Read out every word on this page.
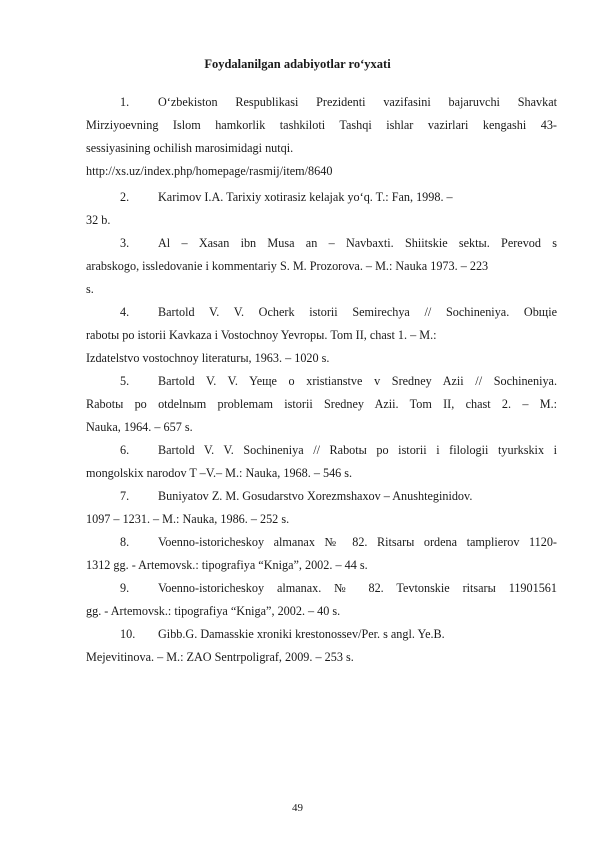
Foydalanilgan adabiyotlar ro‘yxati
1. O‘zbekiston Respublikasi Prezidenti vazifasini bajaruvchi Shavkat
Mirziyoevning Islom hamkorlik tashkiloti Tashqi ishlar vazirlari kengashi 43-
sessiyasining ochilish marosimidagi nutqi.
http://xs.uz/index.php/homepage/rasmij/item/8640
2. Karimov I.A. Tarixiy xotirasiz kelajak yo‘q. T.: Fan, 1998. –
32 b.
3. Al – Xasan ibn Musa an – Navbaxti. Shiitskie sektы. Perevod s
arabskogo, issledovanie i kommentariy S. M. Prozorova. – M.: Nauka 1973. – 223
s.
4. Bartold V. V. Ocherk istorii Semirechya // Sochineniya. Obщie
rabotы po istorii Kavkaza i Vostochnoy Yevropы. Tom II, chast 1. – M.:
Izdatelstvo vostochnoy literaturы, 1963. – 1020 s.
5. Bartold V. V. Yeщe o xristianstve v Sredney Azii // Sochineniya.
Rabotы po otdelnыm problemam istorii Sredney Azii. Tom II, chast 2. – M.:
Nauka, 1964. – 657 s.
6. Bartold V. V. Sochineniya // Rabotы po istorii i filologii tyurkskix i
mongolskix narodov T –V.– M.: Nauka, 1968. – 546 s.
7. Buniyatov Z. M. Gosudarstvo Xorezmshaxov – Anushteginidov.
1097 – 1231. – M.: Nauka, 1986. – 252 s.
8. Voenno-istoricheskoy almanax № 82. Ritsarы ordena tamplierov 1120-
1312 gg. - Artemovsk.: tipografiya “Kniga”, 2002. – 44 s.
9. Voenno-istoricheskoy almanax. № 82. Tevtonskie ritsarы 11901561
gg. - Artemovsk.: tipografiya “Kniga”, 2002. – 40 s.
10. Gibb.G. Damasskie xroniki krestonossev/Per. s angl. Ye.B.
Mejevitinova. – M.: ZAO Sentrpoligraf, 2009. – 253 s.
49
